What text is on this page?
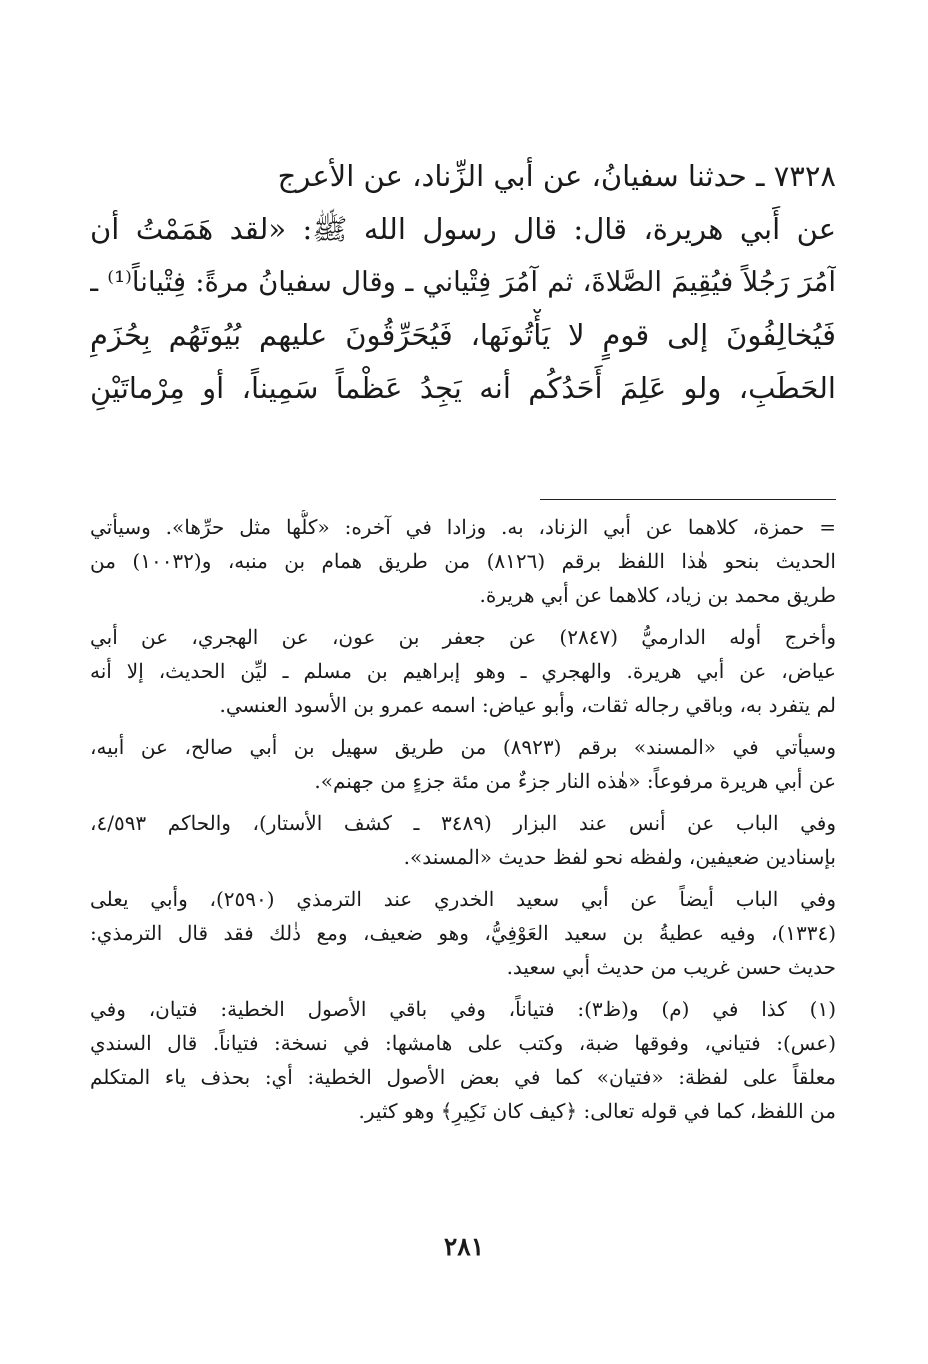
٧٣٢٨ ـ حدثنا سفيانُ، عن أبي الزِّناد، عن الأعرج
عن أَبي هريرة، قال: قال رسول الله ﷺ: «لقد هَمَمْتُ أن
آمُرَ رَجُلاً فيُقِيمَ الصَّلاةَ، ثم آمُرَ فِتْياني ـ وقال سفيانُ مرةً: فِتْياناً⁽¹⁾ ـ
فَيُخالِفُونَ إلى قومٍ لا يَأْتُونَها، فَيُحَرِّقُونَ عليهم بُيُوتَهُم بِحُزَمِ
الحَطَبِ، ولو عَلِمَ أَحَدُكُم أنه يَجِدُ عَظْماً سَمِيناً، أو مِرْماتَيْنِ
= حمزة، كلاهما عن أبي الزناد، به. وزادا في آخره: «كلُّها مثل حرِّها». وسيأتي
الحديث بنحو هٰذا اللفظ برقم (٨١٢٦) من طريق همام بن منبه، و(١٠٠٣٢) من
طريق محمد بن زياد، كلاهما عن أبي هريرة.
وأخرج أوله الدارميُّ (٢٨٤٧) عن جعفر بن عون، عن الهجري، عن أبي
عياض، عن أبي هريرة. والهجري ـ وهو إبراهيم بن مسلم ـ ليِّن الحديث، إلا أنه
لم يتفرد به، وباقي رجاله ثقات، وأبو عياض: اسمه عمرو بن الأسود العنسي.
وسيأتي في «المسند» برقم (٨٩٢٣) من طريق سهيل بن أبي صالح، عن أبيه،
عن أبي هريرة مرفوعاً: «هٰذه النار جزءٌ من مئة جزءٍ من جهنم».
وفي الباب عن أنس عند البزار (٣٤٨٩ ـ كشف الأستار)، والحاكم ٤/٥٩٣،
بإسنادين ضعيفين، ولفظه نحو لفظ حديث «المسند».
وفي الباب أيضاً عن أبي سعيد الخدري عند الترمذي (٢٥٩٠)، وأبي يعلى
(١٣٣٤)، وفيه عطيةُ بن سعيد العَوْفِيُّ، وهو ضعيف، ومع ذٰلك فقد قال الترمذي:
حديث حسن غريب من حديث أبي سعيد.
(١) كذا في (م) و(ظ٣): فتياناً، وفي باقي الأصول الخطية: فتيان، وفي
(عس): فتياني، وفوقها ضبة، وكتب على هامشها: في نسخة: فتياناً. قال السندي
معلقاً على لفظة: «فتيان» كما في بعض الأصول الخطية: أي: بحذف ياء المتكلم
من اللفظ، كما في قوله تعالى: ﴿كيف كان نَكِيرِ﴾ وهو كثير.
٢٨١
